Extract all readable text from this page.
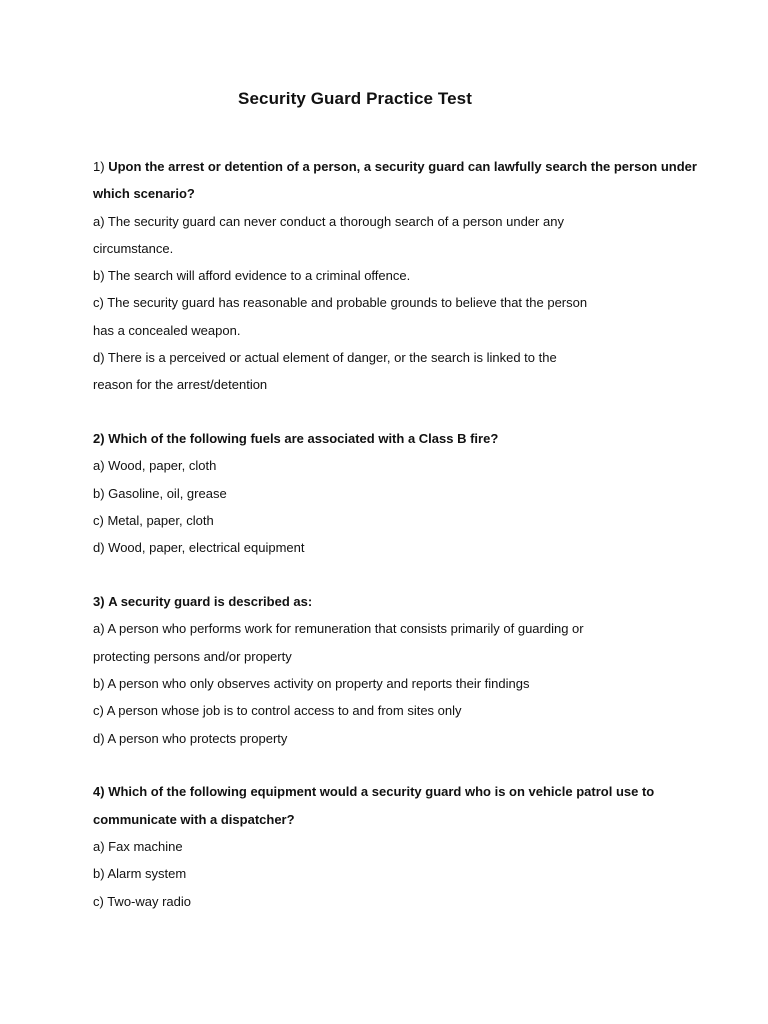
Security Guard Practice Test
1) Upon the arrest or detention of a person, a security guard can lawfully search the person under
which scenario?
a) The security guard can never conduct a thorough search of a person under any
circumstance.
b) The search will afford evidence to a criminal offence.
c) The security guard has reasonable and probable grounds to believe that the person
has a concealed weapon.
d) There is a perceived or actual element of danger, or the search is linked to the
reason for the arrest/detention
2) Which of the following fuels are associated with a Class B fire?
a) Wood, paper, cloth
b) Gasoline, oil, grease
c) Metal, paper, cloth
d) Wood, paper, electrical equipment
3) A security guard is described as:
a) A person who performs work for remuneration that consists primarily of guarding or
protecting persons and/or property
b) A person who only observes activity on property and reports their findings
c) A person whose job is to control access to and from sites only
d) A person who protects property
4) Which of the following equipment would a security guard who is on vehicle patrol use to
communicate with a dispatcher?
a) Fax machine
b) Alarm system
c) Two-way radio
